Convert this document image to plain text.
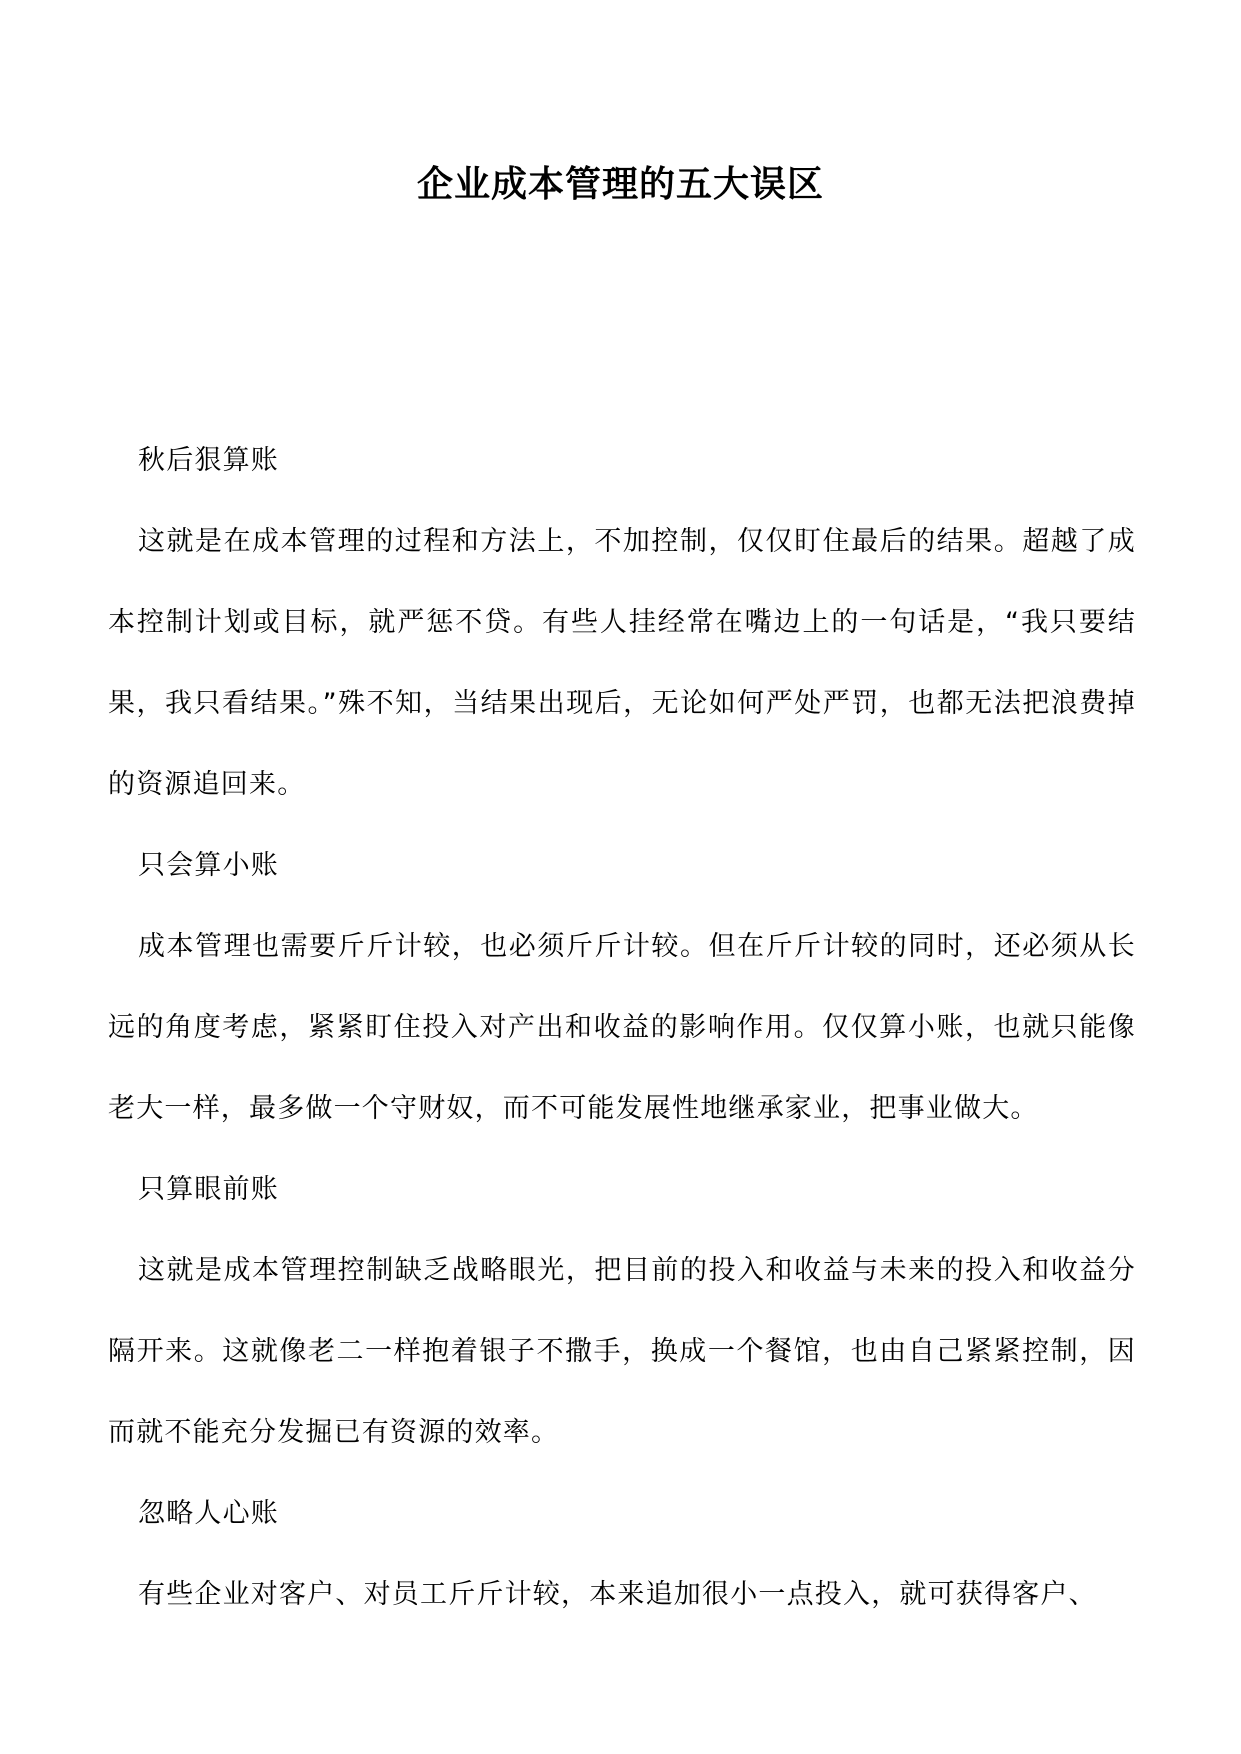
企业成本管理的五大误区

秋后狠算账

这就是在成本管理的过程和方法上，不加控制，仅仅盯住最后的结果。超越了成本控制计划或目标，就严惩不贷。有些人挂经常在嘴边上的一句话是，“我只要结果，我只看结果。”殊不知，当结果出现后，无论如何严处严罚，也都无法把浪费掉的资源追回来。

只会算小账

成本管理也需要斤斤计较，也必须斤斤计较。但在斤斤计较的同时，还必须从长远的角度考虑，紧紧盯住投入对产出和收益的影响作用。仅仅算小账，也就只能像老大一样，最多做一个守财奴，而不可能发展性地继承家业，把事业做大。

只算眼前账

这就是成本管理控制缺乏战略眼光，把目前的投入和收益与未来的投入和收益分隔开来。这就像老二一样抱着银子不撒手，换成一个餐馆，也由自己紧紧控制，因而就不能充分发掘已有资源的效率。

忽略人心账

有些企业对客户、对员工斤斤计较，本来追加很小一点投入，就可获得客户、
